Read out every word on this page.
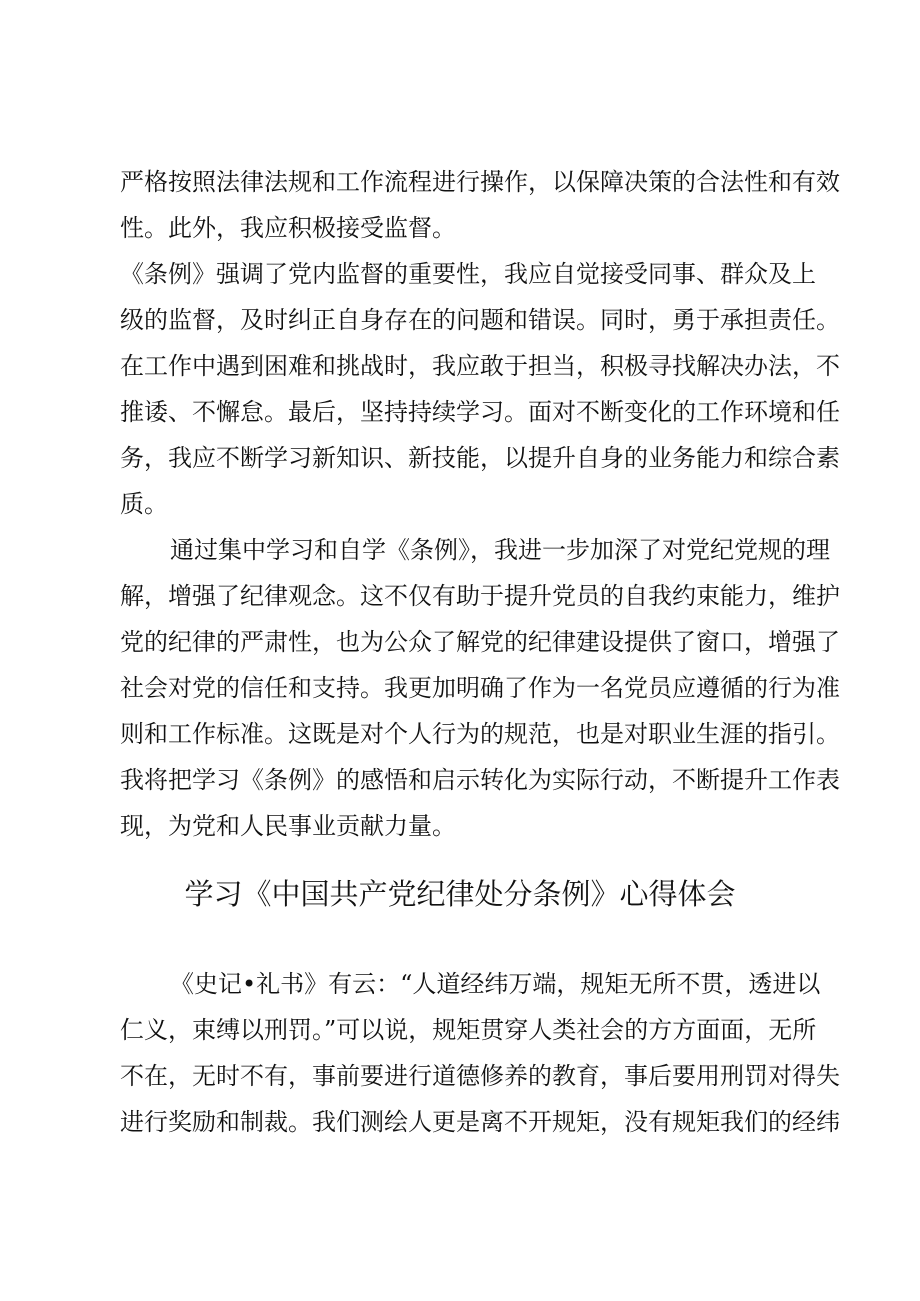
严格按照法律法规和工作流程进行操作，以保障决策的合法性和有效
性。此外，我应积极接受监督。
《条例》强调了党内监督的重要性，我应自觉接受同事、群众及上
级的监督，及时纠正自身存在的问题和错误。同时，勇于承担责任。
在工作中遇到困难和挑战时，我应敢于担当，积极寻找解决办法，不
推诿、不懈怠。最后，坚持持续学习。面对不断变化的工作环境和任
务，我应不断学习新知识、新技能，以提升自身的业务能力和综合素
质。
通过集中学习和自学《条例》，我进一步加深了对党纪党规的理
解，增强了纪律观念。这不仅有助于提升党员的自我约束能力，维护
党的纪律的严肃性，也为公众了解党的纪律建设提供了窗口，增强了
社会对党的信任和支持。我更加明确了作为一名党员应遵循的行为准
则和工作标准。这既是对个人行为的规范，也是对职业生涯的指引。
我将把学习《条例》的感悟和启示转化为实际行动，不断提升工作表
现，为党和人民事业贡献力量。
学习《中国共产党纪律处分条例》心得体会
《史记•礼书》有云：“人道经纬万端，规矩无所不贯，透进以
仁义，束缚以刑罚。”可以说，规矩贯穿人类社会的方方面面，无所
不在，无时不有，事前要进行道德修养的教育，事后要用刑罚对得失
进行奖励和制裁。我们测绘人更是离不开规矩，没有规矩我们的经纬
